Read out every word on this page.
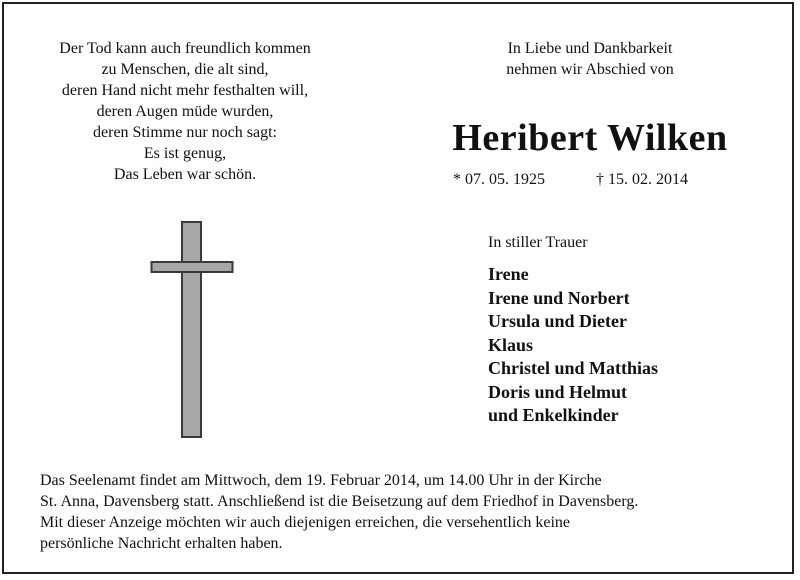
Der Tod kann auch freundlich kommen
zu Menschen, die alt sind,
deren Hand nicht mehr festhalten will,
deren Augen müde wurden,
deren Stimme nur noch sagt:
Es ist genug,
Das Leben war schön.
In Liebe und Dankbarkeit
nehmen wir Abschied von
Heribert Wilken
* 07. 05. 1925	† 15. 02. 2014
In stiller Trauer
Irene
Irene und Norbert
Ursula und Dieter
Klaus
Christel und Matthias
Doris und Helmut
und Enkelkinder
Das Seelenamt findet am Mittwoch, dem 19. Februar 2014, um 14.00 Uhr in der Kirche
St. Anna, Davensberg statt. Anschließend ist die Beisetzung auf dem Friedhof in Davensberg.
Mit dieser Anzeige möchten wir auch diejenigen erreichen, die versehentlich keine
persönliche Nachricht erhalten haben.
